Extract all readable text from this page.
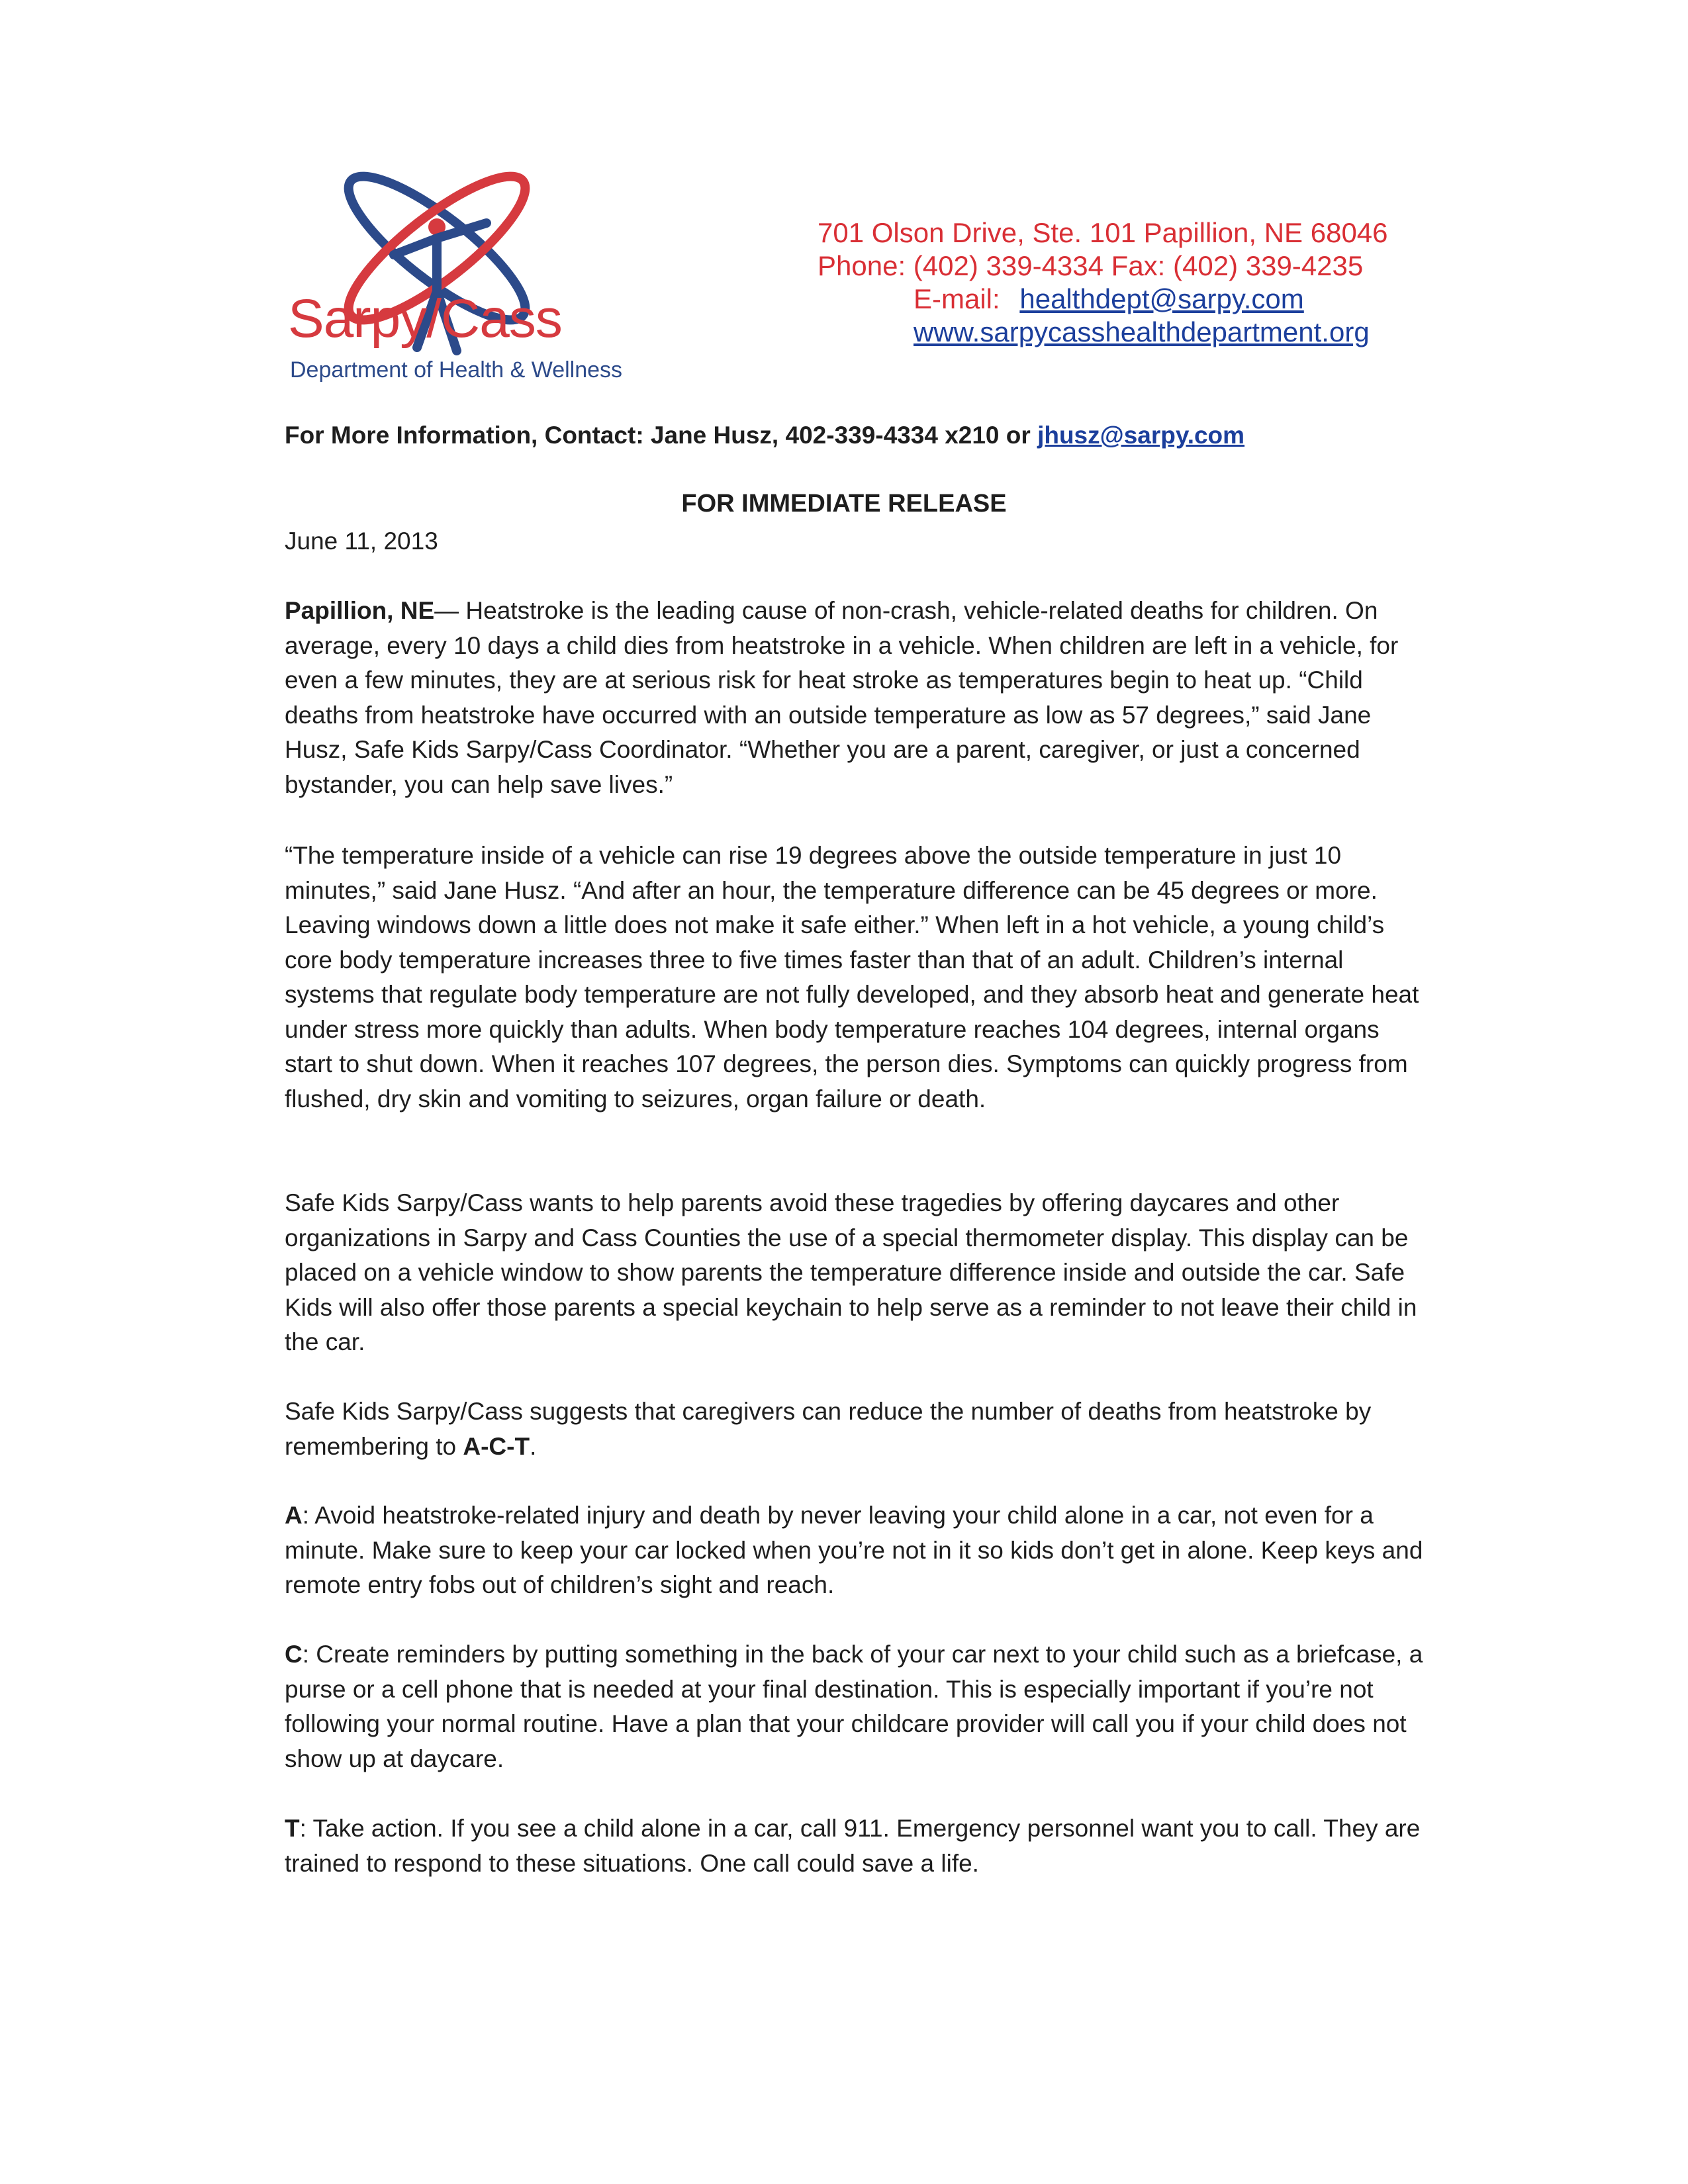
Sarpy/Cass
Department of Health & Wellness
701 Olson Drive, Ste. 101 Papillion, NE 68046
Phone: (402) 339-4334 Fax: (402) 339-4235
E-mail: healthdept@sarpy.com
www.sarpycasshealthdepartment.org
For More Information, Contact: Jane Husz, 402-339-4334 x210 or jhusz@sarpy.com
FOR IMMEDIATE RELEASE
June 11, 2013

Papillion, NE— Heatstroke is the leading cause of non-crash, vehicle-related deaths for children. On average, every 10 days a child dies from heatstroke in a vehicle. When children are left in a vehicle, for even a few minutes, they are at serious risk for heat stroke as temperatures begin to heat up. “Child deaths from heatstroke have occurred with an outside temperature as low as 57 degrees,” said Jane Husz, Safe Kids Sarpy/Cass Coordinator. “Whether you are a parent, caregiver, or just a concerned bystander, you can help save lives.”

“The temperature inside of a vehicle can rise 19 degrees above the outside temperature in just 10 minutes,” said Jane Husz. “And after an hour, the temperature difference can be 45 degrees or more. Leaving windows down a little does not make it safe either.” When left in a hot vehicle, a young child’s core body temperature increases three to five times faster than that of an adult. Children’s internal systems that regulate body temperature are not fully developed, and they absorb heat and generate heat under stress more quickly than adults. When body temperature reaches 104 degrees, internal organs start to shut down. When it reaches 107 degrees, the person dies. Symptoms can quickly progress from flushed, dry skin and vomiting to seizures, organ failure or death.

Safe Kids Sarpy/Cass wants to help parents avoid these tragedies by offering daycares and other organizations in Sarpy and Cass Counties the use of a special thermometer display. This display can be placed on a vehicle window to show parents the temperature difference inside and outside the car. Safe Kids will also offer those parents a special keychain to help serve as a reminder to not leave their child in the car.

Safe Kids Sarpy/Cass suggests that caregivers can reduce the number of deaths from heatstroke by remembering to A-C-T.

A: Avoid heatstroke-related injury and death by never leaving your child alone in a car, not even for a minute. Make sure to keep your car locked when you’re not in it so kids don’t get in alone. Keep keys and remote entry fobs out of children’s sight and reach.

C: Create reminders by putting something in the back of your car next to your child such as a briefcase, a purse or a cell phone that is needed at your final destination. This is especially important if you’re not following your normal routine. Have a plan that your childcare provider will call you if your child does not show up at daycare.

T: Take action. If you see a child alone in a car, call 911. Emergency personnel want you to call. They are trained to respond to these situations. One call could save a life.
